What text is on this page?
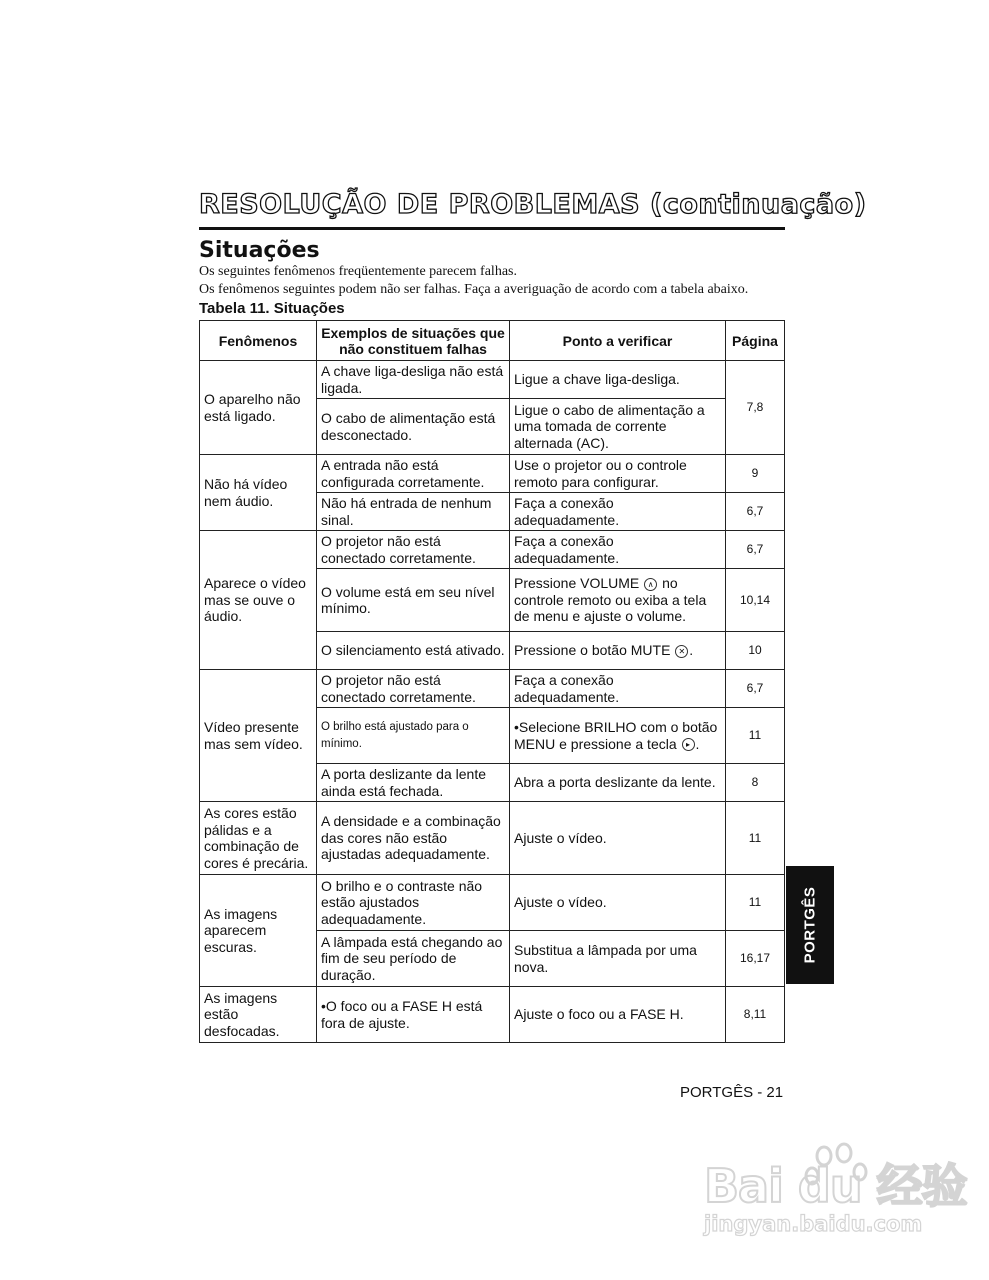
RESOLUÇÃO DE PROBLEMAS (continuação)
Situações
Os seguintes fenômenos freqüentemente parecem falhas.
Os fenômenos seguintes podem não ser falhas. Faça a averiguação de acordo com a tabela abaixo.
Tabela 11. Situações
Fenômenos	Exemplos de situações que não constituem falhas	Ponto a verificar	Página
O aparelho não está ligado.	A chave liga-desliga não está ligada.	Ligue a chave liga-desliga.	7,8
	O cabo de alimentação está desconectado.	Ligue o cabo de alimentação a uma tomada de corrente alternada (AC).	
Não há vídeo nem áudio.	A entrada não está configurada corretamente.	Use o projetor ou o controle remoto para configurar.	9
	Não há entrada de nenhum sinal.	Faça a conexão adequadamente.	6,7
Aparece o vídeo mas se ouve o áudio.	O projetor não está conectado corretamente.	Faça a conexão adequadamente.	6,7
	O volume está em seu nível mínimo.	Pressione VOLUME ∧ no controle remoto ou exiba a tela de menu e ajuste o volume.	10,14
	O silenciamento está ativado.	Pressione o botão MUTE ✕ .	10
Vídeo presente mas sem vídeo.	O projetor não está conectado corretamente.	Faça a conexão adequadamente.	6,7
	O brilho está ajustado para o mínimo.	•Selecione BRILHO com o botão MENU e pressione a tecla ▸ .	11
	A porta deslizante da lente ainda está fechada.	Abra a porta deslizante da lente.	8
As cores estão pálidas e a combinação de cores é precária.	A densidade e a combinação das cores não estão ajustadas adequadamente.	Ajuste o vídeo.	11
As imagens aparecem escuras.	O brilho e o contraste não estão ajustados adequadamente.	Ajuste o vídeo.	11
	A lâmpada está chegando ao fim de seu período de duração.	Substitua a lâmpada por uma nova.	16,17
As imagens estão desfocadas.	•O foco ou a FASE H está fora de ajuste.	Ajuste o foco ou a FASE H.	8,11
PORTGÊS
PORTGÊS - 21
Bai du 经验
jingyan.baidu.com
